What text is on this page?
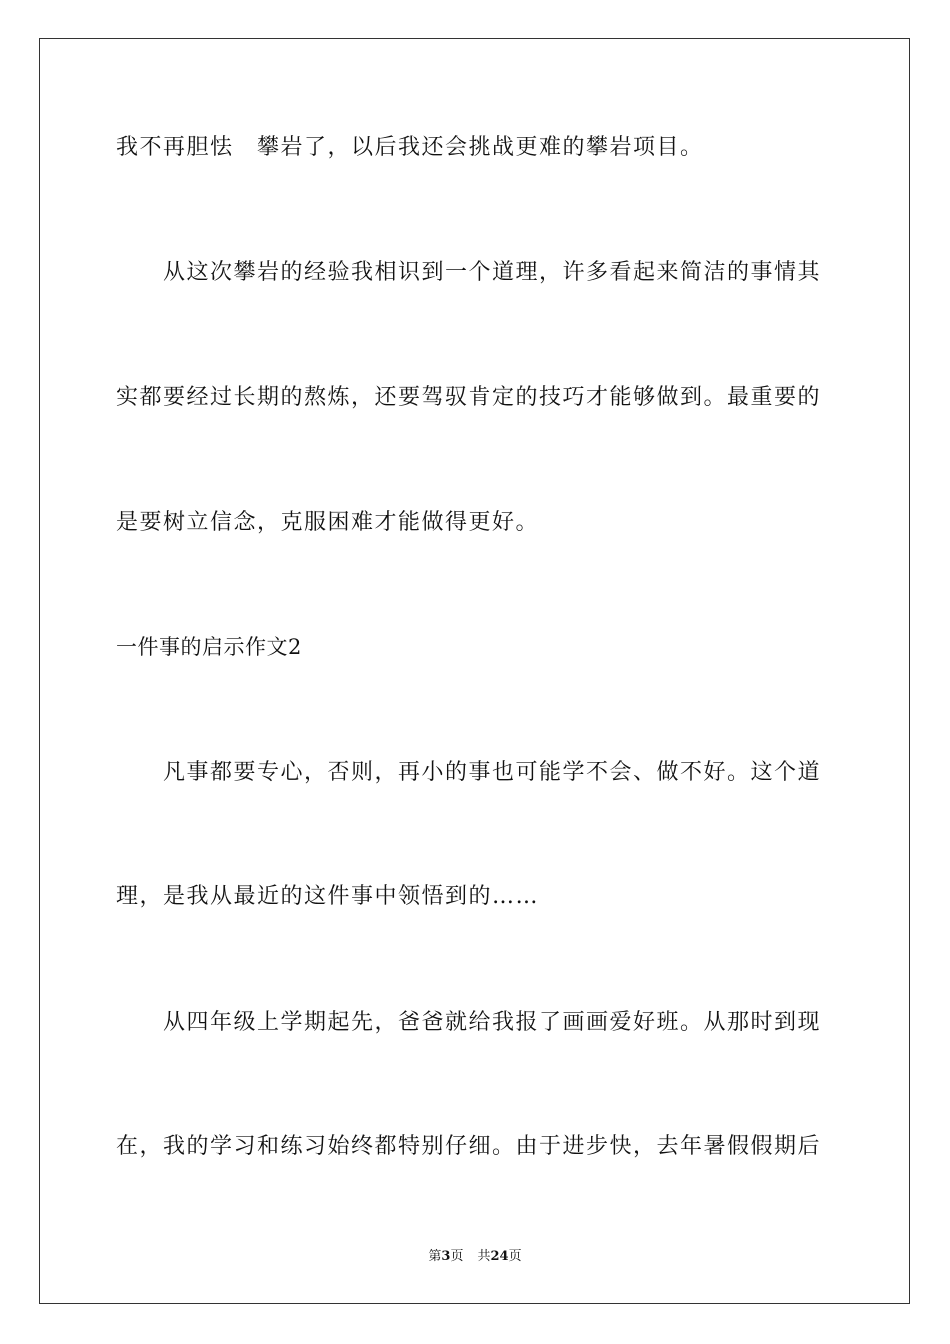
我不再胆怯　攀岩了，以后我还会挑战更难的攀岩项目。
从这次攀岩的经验我相识到一个道理，许多看起来简洁的事情其
实都要经过长期的熬炼，还要驾驭肯定的技巧才能够做到。最重要的
是要树立信念，克服困难才能做得更好。
一件事的启示作文2
凡事都要专心，否则，再小的事也可能学不会、做不好。这个道
理，是我从最近的这件事中领悟到的……
从四年级上学期起先，爸爸就给我报了画画爱好班。从那时到现
在，我的学习和练习始终都特别仔细。由于进步快，去年暑假假期后
第3页 共24页
